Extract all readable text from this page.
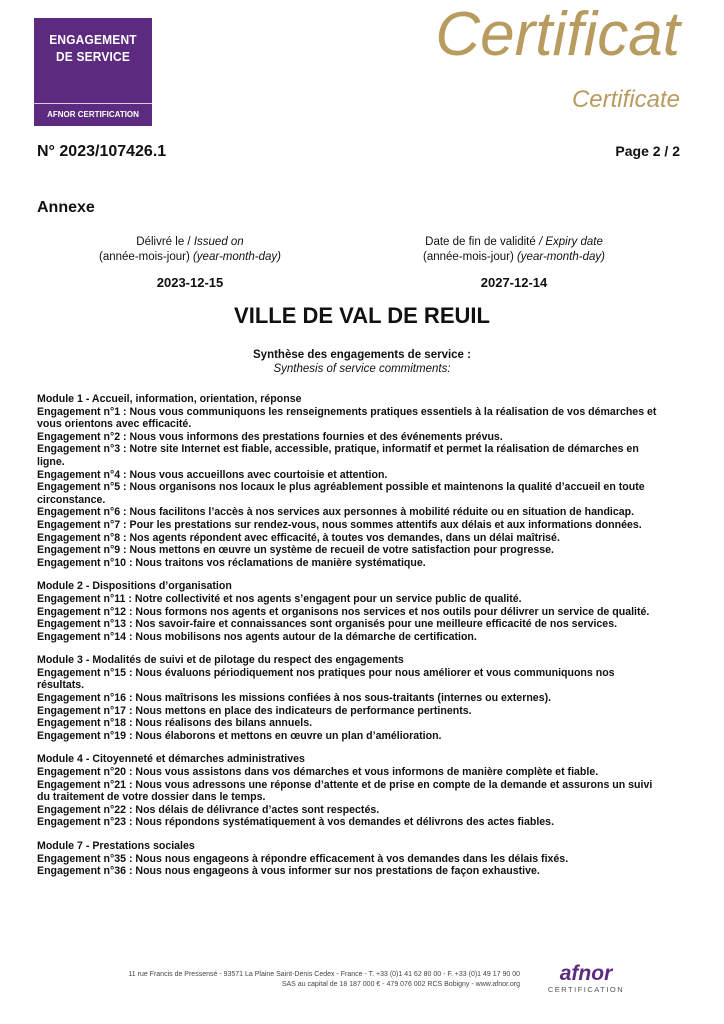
ENGAGEMENT
DE SERVICE
AFNOR CERTIFICATION
Certificat
Certificate
N° 2023/107426.1	Page 2 / 2
Annexe
Délivré le / Issued on
(année-mois-jour) (year-month-day)
2023-12-15
Date de fin de validité / Expiry date
(année-mois-jour) (year-month-day)
2027-12-14
VILLE DE VAL DE REUIL
Synthèse des engagements de service :
Synthesis of service commitments:
Module 1 - Accueil, information, orientation, réponse
Engagement n°1 : Nous vous communiquons les renseignements pratiques essentiels à la réalisation de vos démarches et
vous orientons avec efficacité.
Engagement n°2 : Nous vous informons des prestations fournies et des événements prévus.
Engagement n°3 : Notre site Internet est fiable, accessible, pratique, informatif et permet la réalisation de démarches en
ligne.
Engagement n°4 : Nous vous accueillons avec courtoisie et attention.
Engagement n°5 : Nous organisons nos locaux le plus agréablement possible et maintenons la qualité d’accueil en toute
circonstance.
Engagement n°6 : Nous facilitons l’accès à nos services aux personnes à mobilité réduite ou en situation de handicap.
Engagement n°7 : Pour les prestations sur rendez-vous, nous sommes attentifs aux délais et aux informations données.
Engagement n°8 : Nos agents répondent avec efficacité, à toutes vos demandes, dans un délai maîtrisé.
Engagement n°9 : Nous mettons en œuvre un système de recueil de votre satisfaction pour progresse.
Engagement n°10 : Nous traitons vos réclamations de manière systématique.
Module 2 - Dispositions d’organisation
Engagement n°11 : Notre collectivité et nos agents s’engagent pour un service public de qualité.
Engagement n°12 : Nous formons nos agents et organisons nos services et nos outils pour délivrer un service de qualité.
Engagement n°13 : Nos savoir-faire et connaissances sont organisés pour une meilleure efficacité de nos services.
Engagement n°14 : Nous mobilisons nos agents autour de la démarche de certification.
Module 3 - Modalités de suivi et de pilotage du respect des engagements
Engagement n°15 : Nous évaluons périodiquement nos pratiques pour nous améliorer et vous communiquons nos
résultats.
Engagement n°16 : Nous maîtrisons les missions confiées à nos sous-traitants (internes ou externes).
Engagement n°17 : Nous mettons en place des indicateurs de performance pertinents.
Engagement n°18 : Nous réalisons des bilans annuels.
Engagement n°19 : Nous élaborons et mettons en œuvre un plan d’amélioration.
Module 4 - Citoyenneté et démarches administratives
Engagement n°20 : Nous vous assistons dans vos démarches et vous informons de manière complète et fiable.
Engagement n°21 : Nous vous adressons une réponse d’attente et de prise en compte de la demande et assurons un suivi
du traitement de votre dossier dans le temps.
Engagement n°22 : Nos délais de délivrance d’actes sont respectés.
Engagement n°23 : Nous répondons systématiquement à vos demandes et délivrons des actes fiables.
Module 7 - Prestations sociales
Engagement n°35 : Nous nous engageons à répondre efficacement à vos demandes dans les délais fixés.
Engagement n°36 : Nous nous engageons à vous informer sur nos prestations de façon exhaustive.
11 rue Francis de Pressensé - 93571 La Plaine Saint-Denis Cedex - France - T. +33 (0)1 41 62 80 00 - F. +33 (0)1 49 17 90 00
SAS au capital de 18 187 000 € - 479 076 002 RCS Bobigny - www.afnor.org	afnor
CERTIFICATION
